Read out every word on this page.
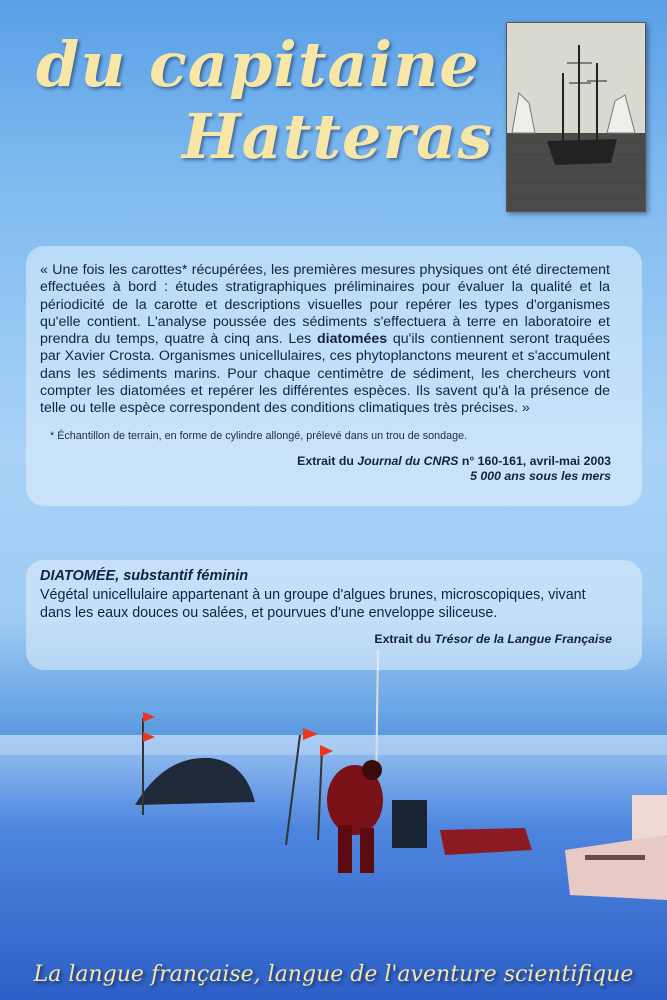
du capitaine
Hatteras

« Une fois les carottes* récupérées, les premières mesures physiques ont été directement effectuées à bord : études stratigraphiques préliminaires pour évaluer la qualité et la périodicité de la carotte et descriptions visuelles pour repérer les types d'organismes qu'elle contient. L'analyse poussée des sédiments s'effectuera à terre en laboratoire et prendra du temps, quatre à cinq ans. Les diatomées qu'ils contiennent seront traquées par Xavier Crosta. Organismes unicellulaires, ces phytoplanctons meurent et s'accumulent dans les sédiments marins. Pour chaque centimètre de sédiment, les chercheurs vont compter les diatomées et repérer les différentes espèces. Ils savent qu'à la présence de telle ou telle espèce correspondent des conditions climatiques très précises. »

* Échantillon de terrain, en forme de cylindre allongé, prélevé dans un trou de sondage.

Extrait du Journal du CNRS n° 160-161, avril-mai 2003
5 000 ans sous les mers

DIATOMÉE, substantif féminin

Végétal unicellulaire appartenant à un groupe d'algues brunes, microscopiques, vivant dans les eaux douces ou salées, et pourvues d'une enveloppe siliceuse.

Extrait du Trésor de la Langue Française

La langue française, langue de l'aventure scientifique
